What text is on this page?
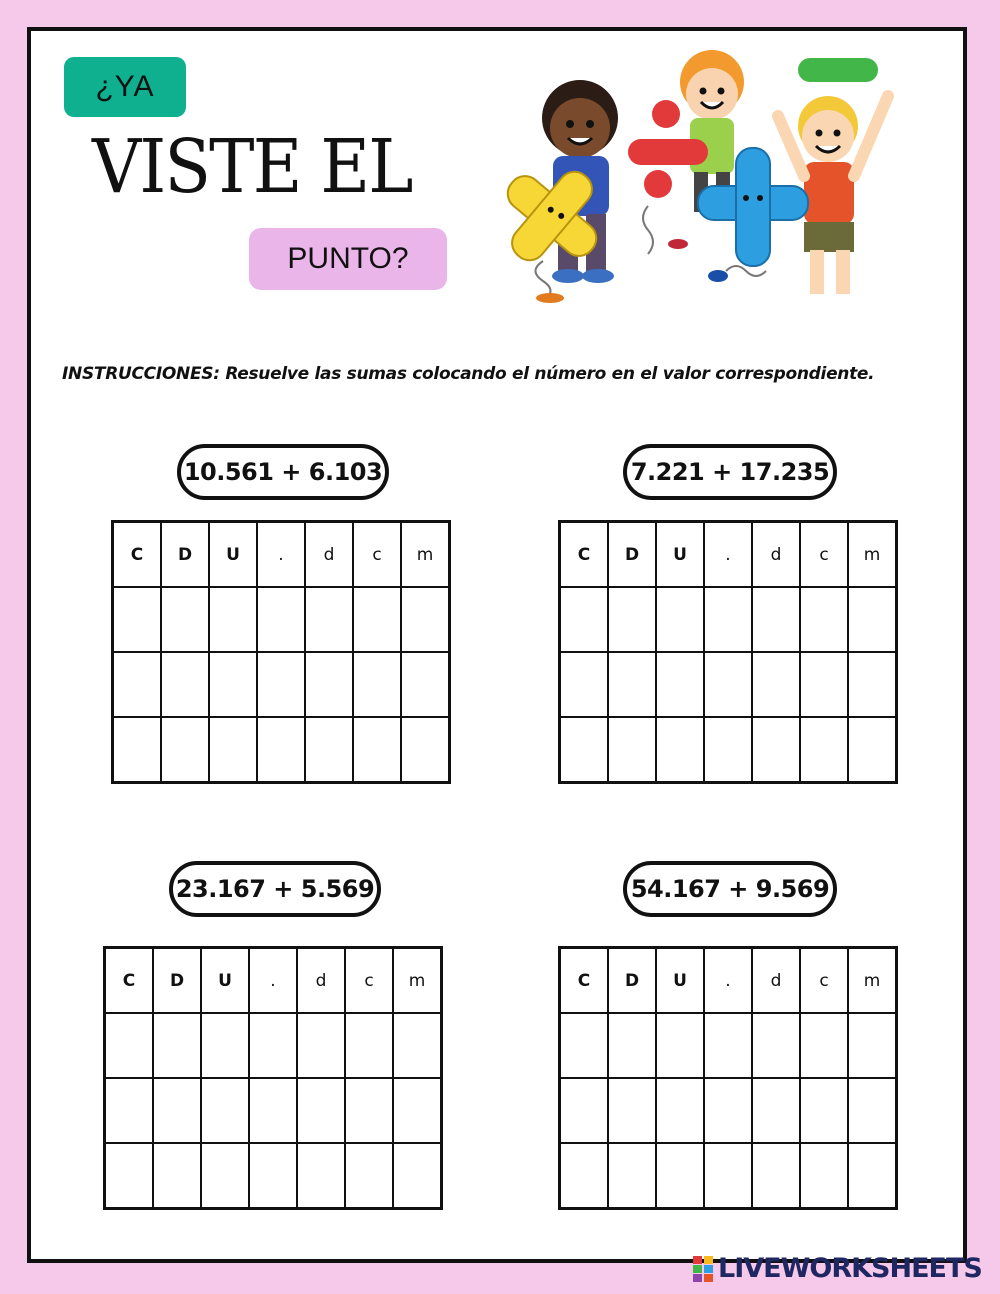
¿YA
VISTE EL
PUNTO?
INSTRUCCIONES: Resuelve las sumas colocando el número en el valor correspondiente.
10.561 + 6.103
C	D	U	.	d	c	m

7.221 + 17.235
C	D	U	.	d	c	m

23.167 + 5.569
C	D	U	.	d	c	m

54.167 + 9.569
C	D	U	.	d	c	m

LIVEWORKSHEETS
